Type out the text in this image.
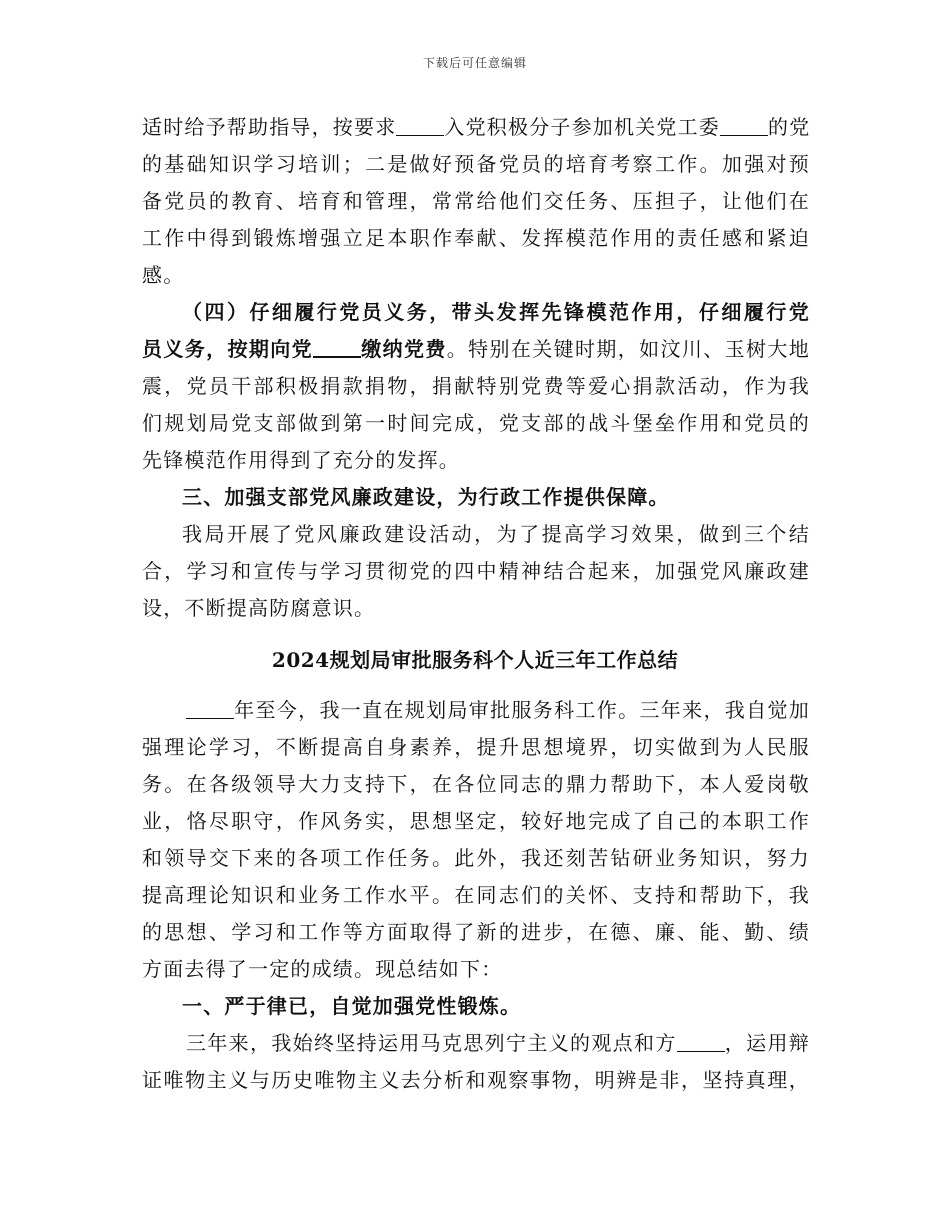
下载后可任意编辑
适时给予帮助指导，按要求 入党积极分子参加机关党工委 的党
的基础知识学习培训；二是做好预备党员的培育考察工作。加强对预
备党员的教育、培育和管理，常常给他们交任务、压担子，让他们在
工作中得到锻炼增强立足本职作奉献、发挥模范作用的责任感和紧迫
感。
（四）仔细履行党员义务，带头发挥先锋模范作用，仔细履行党
员义务，按期向党 缴纳党费。特别在关键时期，如汶川、玉树大地
震，党员干部积极捐款捐物，捐献特别党费等爱心捐款活动，作为我
们规划局党支部做到第一时间完成，党支部的战斗堡垒作用和党员的
先锋模范作用得到了充分的发挥。
三、加强支部党风廉政建设，为行政工作提供保障。
我局开展了党风廉政建设活动，为了提高学习效果，做到三个结
合，学习和宣传与学习贯彻党的四中精神结合起来，加强党风廉政建
设，不断提高防腐意识。
2024规划局审批服务科个人近三年工作总结
年至今，我一直在规划局审批服务科工作。三年来，我自觉加
强理论学习，不断提高自身素养，提升思想境界，切实做到为人民服
务。在各级领导大力支持下，在各位同志的鼎力帮助下，本人爱岗敬
业，恪尽职守，作风务实，思想坚定，较好地完成了自己的本职工作
和领导交下来的各项工作任务。此外，我还刻苦钻研业务知识，努力
提高理论知识和业务工作水平。在同志们的关怀、支持和帮助下，我
的思想、学习和工作等方面取得了新的进步，在德、廉、能、勤、绩
方面去得了一定的成绩。现总结如下：
一、严于律已，自觉加强党性锻炼。
三年来，我始终坚持运用马克思列宁主义的观点和方 ，运用辩
证唯物主义与历史唯物主义去分析和观察事物，明辨是非，坚持真理，
